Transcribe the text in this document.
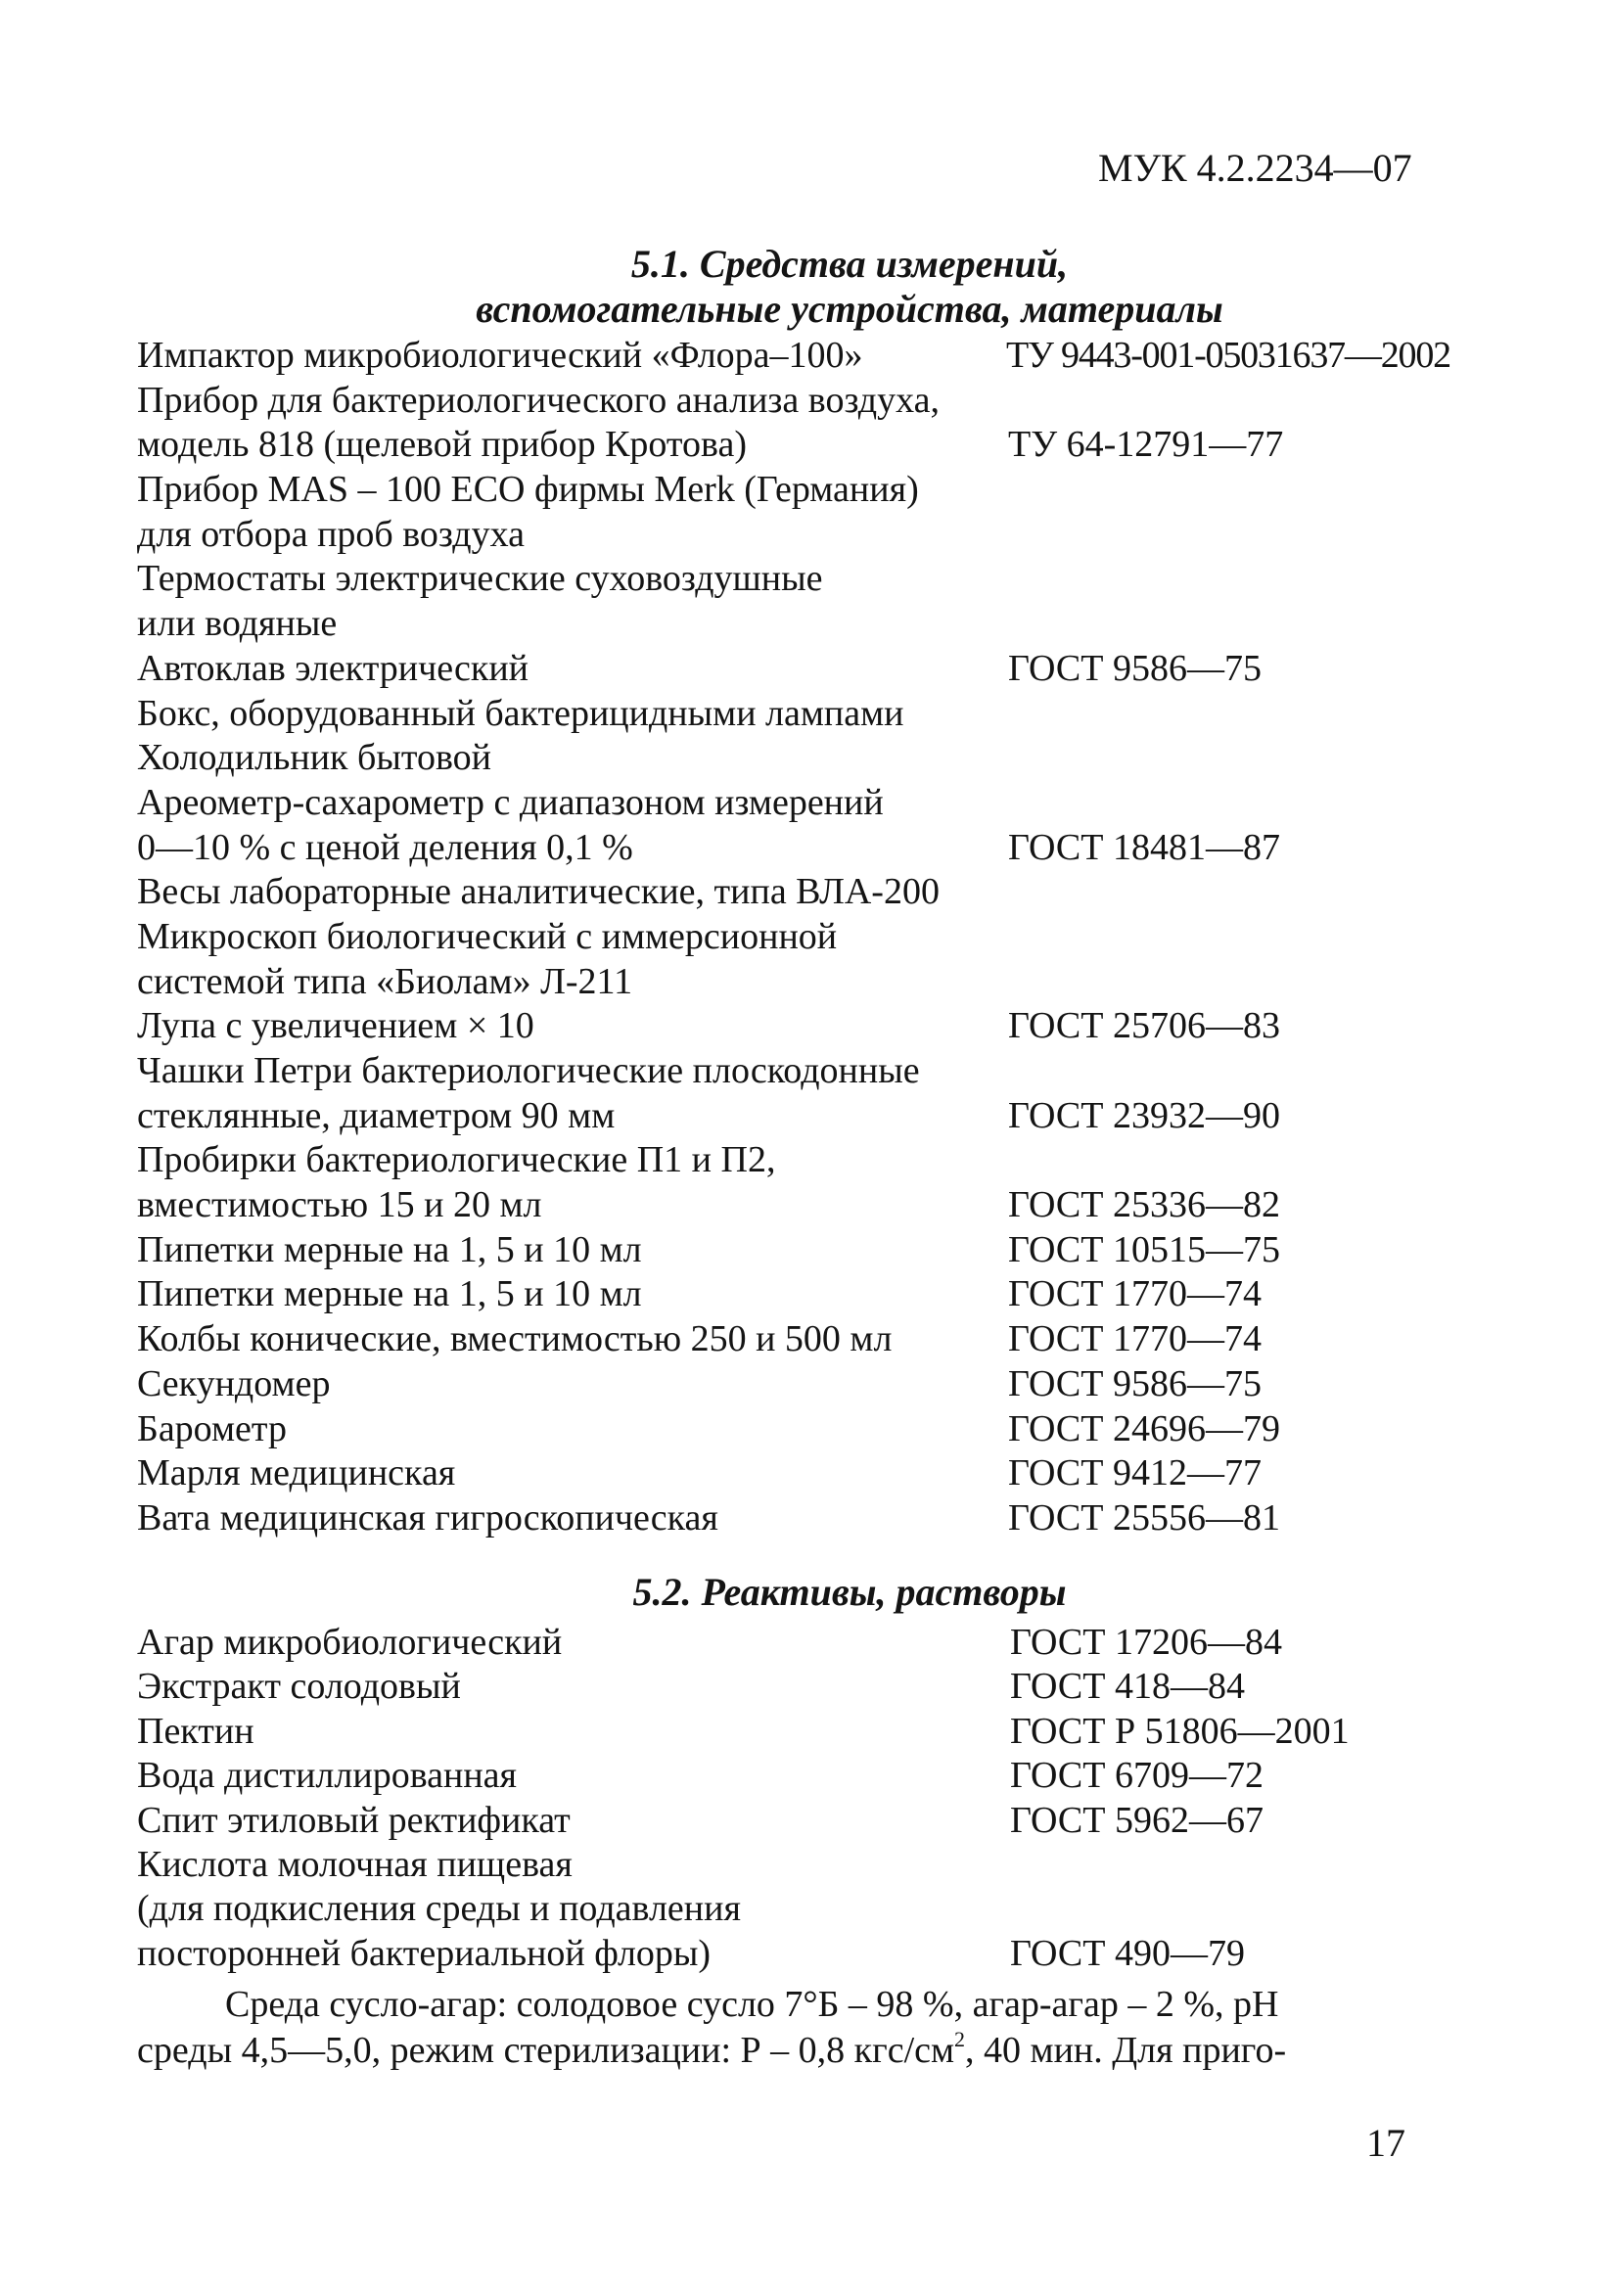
МУК 4.2.2234—07
5.1. Средства измерений,
вспомогательные устройства, материалы
Импактор микробиологический «Флора–100»	ТУ 9443-001-05031637—2002
Прибор для бактериологического анализа воздуха,
модель 818 (щелевой прибор Кротова)	ТУ 64-12791—77
Прибор MAS – 100 ECO фирмы Merk (Германия)
для отбора проб воздуха
Термостаты электрические суховоздушные
или водяные
Автоклав электрический	ГОСТ 9586—75
Бокс, оборудованный бактерицидными лампами
Холодильник бытовой
Ареометр-сахарометр с диапазоном измерений
0—10 % с ценой деления 0,1 %	ГОСТ 18481—87
Весы лабораторные аналитические, типа ВЛА-200
Микроскоп биологический с иммерсионной
системой типа «Биолам» Л-211
Лупа с увеличением × 10	ГОСТ 25706—83
Чашки Петри бактериологические плоскодонные
стеклянные, диаметром 90 мм	ГОСТ 23932—90
Пробирки бактериологические П1 и П2,
вместимостью 15 и 20 мл	ГОСТ 25336—82
Пипетки мерные на 1, 5 и 10 мл	ГОСТ 10515—75
Пипетки мерные на 1, 5 и 10 мл	ГОСТ 1770—74
Колбы конические, вместимостью 250 и 500 мл	ГОСТ 1770—74
Секундомер	ГОСТ 9586—75
Барометр	ГОСТ 24696—79
Марля медицинская	ГОСТ 9412—77
Вата медицинская гигроскопическая	ГОСТ 25556—81
5.2. Реактивы, растворы
Агар микробиологический	ГОСТ 17206—84
Экстракт солодовый	ГОСТ 418—84
Пектин	ГОСТ Р 51806—2001
Вода дистиллированная	ГОСТ 6709—72
Спит этиловый ректификат	ГОСТ 5962—67
Кислота молочная пищевая
(для подкисления среды и подавления
посторонней бактериальной флоры)	ГОСТ 490—79
Среда сусло-агар: солодовое сусло 7°Б – 98 %, агар-агар – 2 %, рН
среды 4,5—5,0, режим стерилизации: Р – 0,8 кгс/$см^2$, 40 мин. Для приго-
17
